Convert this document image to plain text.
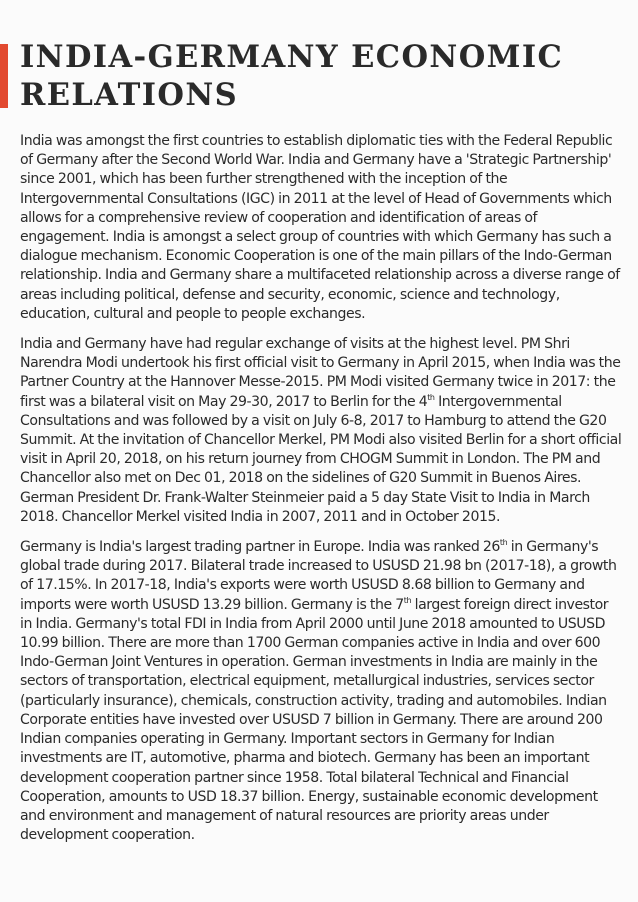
INDIA-GERMANY ECONOMIC
RELATIONS

India was amongst the first countries to establish diplomatic ties with the Federal Republic of Germany after the Second World War. India and Germany have a 'Strategic Partnership' since 2001, which has been further strengthened with the inception of the Intergovernmental Consultations (IGC) in 2011 at the level of Head of Governments which allows for a comprehensive review of cooperation and identification of areas of engagement. India is amongst a select group of countries with which Germany has such a dialogue mechanism. Economic Cooperation is one of the main pillars of the Indo-German relationship. India and Germany share a multifaceted relationship across a diverse range of areas including political, defense and security, economic, science and technology, education, cultural and people to people exchanges.

India and Germany have had regular exchange of visits at the highest level. PM Shri Narendra Modi undertook his first official visit to Germany in April 2015, when India was the Partner Country at the Hannover Messe-2015. PM Modi visited Germany twice in 2017: the first was a bilateral visit on May 29-30, 2017 to Berlin for the 4th Intergovernmental Consultations and was followed by a visit on July 6-8, 2017 to Hamburg to attend the G20 Summit. At the invitation of Chancellor Merkel, PM Modi also visited Berlin for a short official visit in April 20, 2018, on his return journey from CHOGM Summit in London. The PM and Chancellor also met on Dec 01, 2018 on the sidelines of G20 Summit in Buenos Aires. German President Dr. Frank-Walter Steinmeier paid a 5 day State Visit to India in March 2018. Chancellor Merkel visited India in 2007, 2011 and in October 2015.

Germany is India's largest trading partner in Europe. India was ranked 26th in Germany's global trade during 2017. Bilateral trade increased to USUSD 21.98 bn (2017-18), a growth of 17.15%. In 2017-18, India's exports were worth USUSD 8.68 billion to Germany and imports were worth USUSD 13.29 billion. Germany is the 7th largest foreign direct investor in India. Germany's total FDI in India from April 2000 until June 2018 amounted to USUSD 10.99 billion. There are more than 1700 German companies active in India and over 600 Indo-German Joint Ventures in operation. German investments in India are mainly in the sectors of transportation, electrical equipment, metallurgical industries, services sector (particularly insurance), chemicals, construction activity, trading and automobiles. Indian Corporate entities have invested over USUSD 7 billion in Germany. There are around 200 Indian companies operating in Germany. Important sectors in Germany for Indian investments are IT, automotive, pharma and biotech. Germany has been an important development cooperation partner since 1958. Total bilateral Technical and Financial Cooperation, amounts to USD 18.37 billion. Energy, sustainable economic development and environment and management of natural resources are priority areas under development cooperation.
